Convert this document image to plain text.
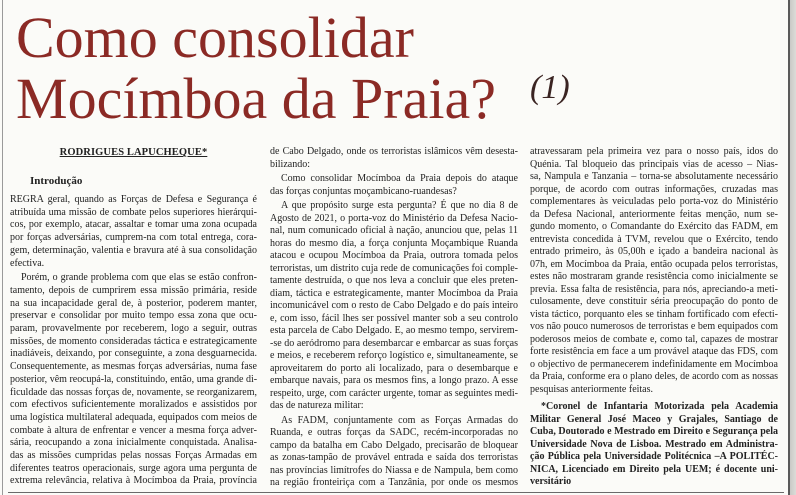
Como consolidar
Mocímboa da Praia? (1)
RODRIGUES LAPUCHEQUE*
Introdução
REGRA geral, quando as Forças de Defesa e Segurança é
atribuída uma missão de combate pelos superiores hierárqui-
cos, por exemplo, atacar, assaltar e tomar uma zona ocupada
por forças adversárias, cumprem-na com total entrega, cora-
gem, determinação, valentia e bravura até à sua consolidação
efectiva.
Porém, o grande problema com que elas se estão confron-
tamento, depois de cumprirem essa missão primária, reside
na sua incapacidade geral de, à posterior, poderem manter,
preservar e consolidar por muito tempo essa zona que ocu-
param, provavelmente por receberem, logo a seguir, outras
missões, de momento consideradas táctica e estrategicamente
inadiáveis, deixando, por conseguinte, a zona desguarnecida.
Consequentemente, as mesmas forças adversárias, numa fase
posterior, vêm reocupá-la, constituindo, então, uma grande di-
ficuldade das nossas forças de, novamente, se reorganizarem,
com efectivos suficientemente moralizados e assistidos por
uma logística multilateral adequada, equipados com meios de
combate à altura de enfrentar e vencer a mesma força adver-
sária, reocupando a zona inicialmente conquistada. Analisa-
das as missões cumpridas pelas nossas Forças Armadas em
diferentes teatros operacionais, surge agora uma pergunta de
extrema relevância, relativa à Mocímboa da Praia, província
de Cabo Delgado, onde os terroristas islâmicos vêm desesta-
bilizando:
Como consolidar Mocímboa da Praia depois do ataque
das forças conjuntas moçambicano-ruandesas?
A que propósito surge esta pergunta? É que no dia 8 de
Agosto de 2021, o porta-voz do Ministério da Defesa Nacio-
nal, num comunicado oficial à nação, anunciou que, pelas 11
horas do mesmo dia, a força conjunta Moçambique Ruanda
atacou e ocupou Mocímboa da Praia, outrora tomada pelos
terroristas, um distrito cuja rede de comunicações foi comple-
tamente destruída, o que nos leva a concluir que eles preten-
diam, táctica e estrategicamente, manter Mocímboa da Praia
incomunicável com o resto de Cabo Delgado e do país inteiro
e, com isso, fácil lhes ser possível manter sob a seu controlo
esta parcela de Cabo Delgado. E, ao mesmo tempo, servirem-
-se do aeródromo para desembarcar e embarcar as suas forças
e meios, e receberem reforço logístico e, simultaneamente, se
aproveitarem do porto ali localizado, para o desembarque e
embarque navais, para os mesmos fins, a longo prazo. A esse
respeito, urge, com carácter urgente, tomar as seguintes medi-
das de natureza militar:
As FADM, conjuntamente com as Forças Armadas do
Ruanda, e outras forças da SADC, recém-incorporadas no
campo da batalha em Cabo Delgado, precisarão de bloquear
as zonas-tampão de provável entrada e saída dos terroristas
nas províncias limítrofes do Niassa e de Nampula, bem como
na região fronteiriça com a Tanzânia, por onde os mesmos
atravessaram pela primeira vez para o nosso país, idos do
Quénia. Tal bloqueio das principais vias de acesso – Nias-
sa, Nampula e Tanzania – torna-se absolutamente necessário
porque, de acordo com outras informações, cruzadas mas
complementares às veiculadas pelo porta-voz do Ministério
da Defesa Nacional, anteriormente feitas menção, num se-
gundo momento, o Comandante do Exército das FADM, em
entrevista concedida à TVM, revelou que o Exército, tendo
entrado primeiro, às 05,00h e içado a bandeira nacional às
07h, em Mocímboa da Praia, então ocupada pelos terroristas,
estes não mostraram grande resistência como inicialmente se
previa. Essa falta de resistência, para nós, apreciando-a meti-
culosamente, deve constituir séria preocupação do ponto de
vista táctico, porquanto eles se tinham fortificado com efecti-
vos não pouco numerosos de terroristas e bem equipados com
poderosos meios de combate e, como tal, capazes de mostrar
forte resistência em face a um provável ataque das FDS, com
o objectivo de permanecerem indefinidamente em Mocímboa
da Praia, conforme era o plano deles, de acordo com as nossas
pesquisas anteriormente feitas.
*Coronel de Infantaria Motorizada pela Academia
Militar General José Maceo y Grajales, Santiago de
Cuba, Doutorado e Mestrado em Direito e Segurança pela
Universidade Nova de Lisboa. Mestrado em Administra-
ção Pública pela Universidade Politécnica –A POLITÉC-
NICA, Licenciado em Direito pela UEM; é docente uni-
versitário
